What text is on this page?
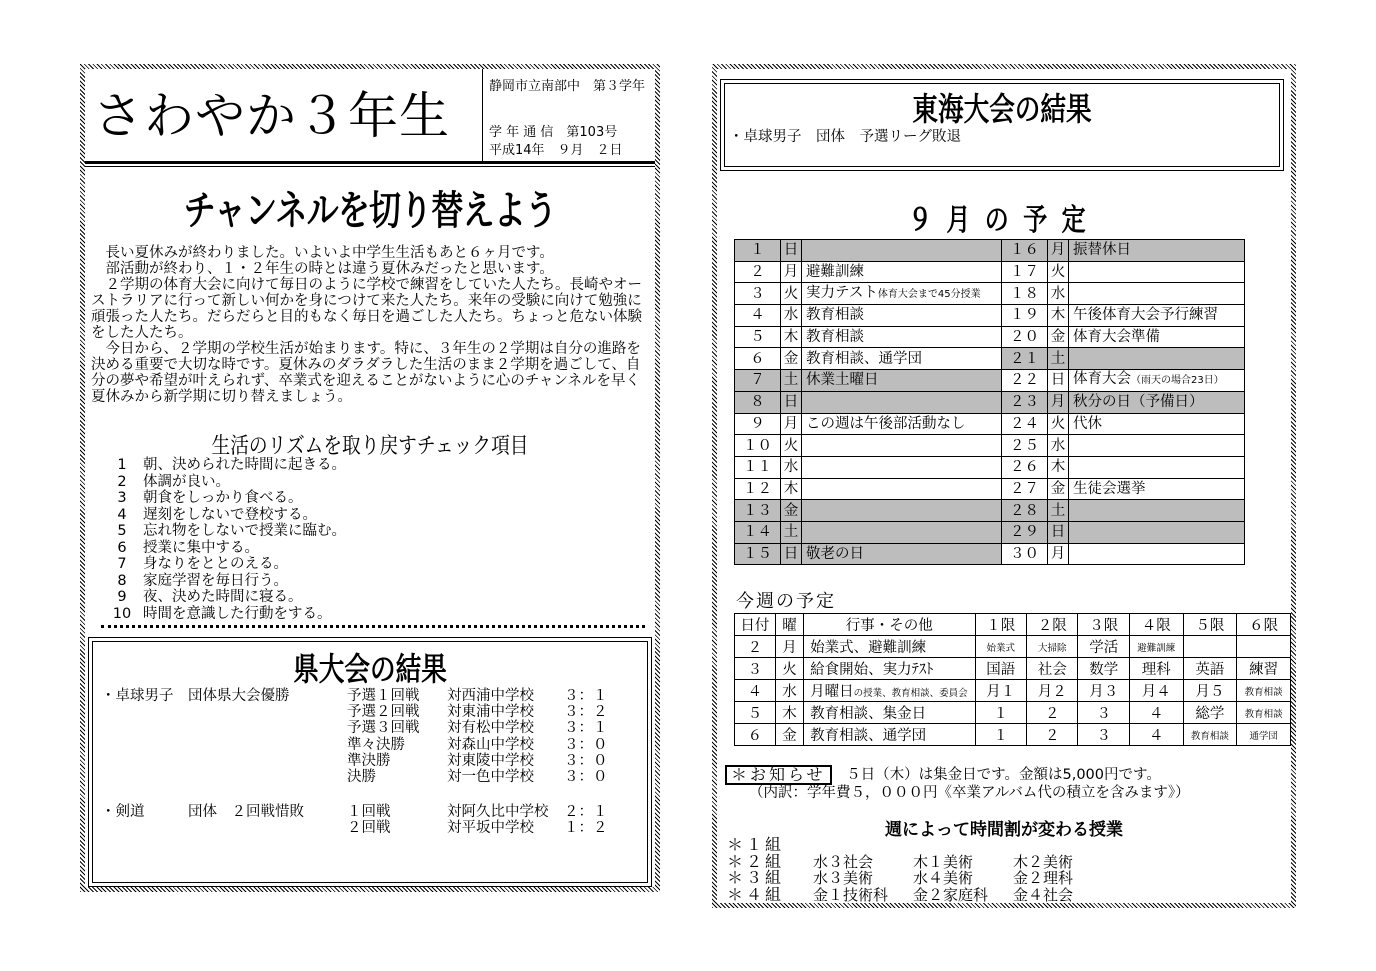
さわやか３年生
静岡市立南部中　第３学年
学 年 通 信　第103号
平成14年　９月　２日
チャンネルを切り替えよう

　長い夏休みが終わりました。いよいよ中学生生活もあと６ヶ月です。

　部活動が終わり、１・２年生の時とは違う夏休みだったと思います。

　２学期の体育大会に向けて毎日のように学校で練習をしていた人たち。長崎やオーストラリアに行って新しい何かを身につけて来た人たち。来年の受験に向けて勉強に頑張った人たち。だらだらと目的もなく毎日を過ごした人たち。ちょっと危ない体験をした人たち。

　今日から、２学期の学校生活が始まります。特に、３年生の２学期は自分の進路を決める重要で大切な時です。夏休みのダラダラした生活のまま２学期を過ごして、自分の夢や希望が叶えられず、卒業式を迎えることがないように心のチャンネルを早く夏休みから新学期に切り替えましょう。

生活のリズムを取り戻すチェック項目
1 朝、決められた時間に起きる。
2 体調が良い。
3 朝食をしっかり食べる。
4 遅刻をしないで登校する。
5 忘れ物をしないで授業に臨む。
6 授業に集中する。
7 身なりをととのえる。
8 家庭学習を毎日行う。
9 夜、決めた時間に寝る。
10 時間を意識した行動をする。
県大会の結果
・卓球男子　団体県大会優勝	予選１回戦 対西浦中学校 ３：１
予選２回戦 対東浦中学校 ３：２
予選３回戦 対有松中学校 ３：１
準々決勝	対森山中学校 ３：０
準決勝	対東陵中学校 ３：０
決勝	対一色中学校 ３：０
・剣道　　　団体　２回戦惜敗	１回戦	対阿久比中学校 ２：１
２回戦	対平坂中学校 １：２
東海大会の結果
・卓球男子　団体　予選リーグ敗退
９月の予定
１	日		１６	月	振替休日
２	月	避難訓練	１７	火	
３	火	実力テスト体育大会まで45分授業	１８	水	
４	水	教育相談	１９	木	午後体育大会予行練習
５	木	教育相談	２０	金	体育大会準備
６	金	教育相談、通学団	２１	土	
７	土	休業土曜日	２２	日	体育大会（雨天の場合23日）
８	日		２３	月	秋分の日（予備日）
９	月	この週は午後部活動なし	２４	火	代休
１０	火		２５	水	
１１	水		２６	木	
１２	木		２７	金	生徒会選挙
１３	金		２８	土	
１４	土		２９	日	
１５	日	敬老の日	３０	月	
今週の予定
日付	曜	行事・その他	１限	２限	３限	４限	５限	６限
２	月	始業式、避難訓練	始業式	大掃除	学活	避難訓練		
３	火	給食開始、実力ﾃｽﾄ	国語	社会	数学	理科	英語	練習
４	水	月曜日の授業、教育相談、委員会	月１	月２	月３	月４	月５	教育相談
５	木	教育相談、集金日	１	２	３	４	総学	教育相談
６	金	教育相談、通学団	１	２	３	４	教育相談	通学団
＊お知らせ ５日（木）は集金日です。金額は5,000円です。
（内訳：学年費５，０００円《卒業アルバム代の積立を含みます》）
週によって時間割が変わる授業
＊１組
＊２組 水３社会	木１美術	木２美術
＊３組 水３美術	水４美術	金２理科
＊４組 金１技術科 金２家庭科 金４社会
